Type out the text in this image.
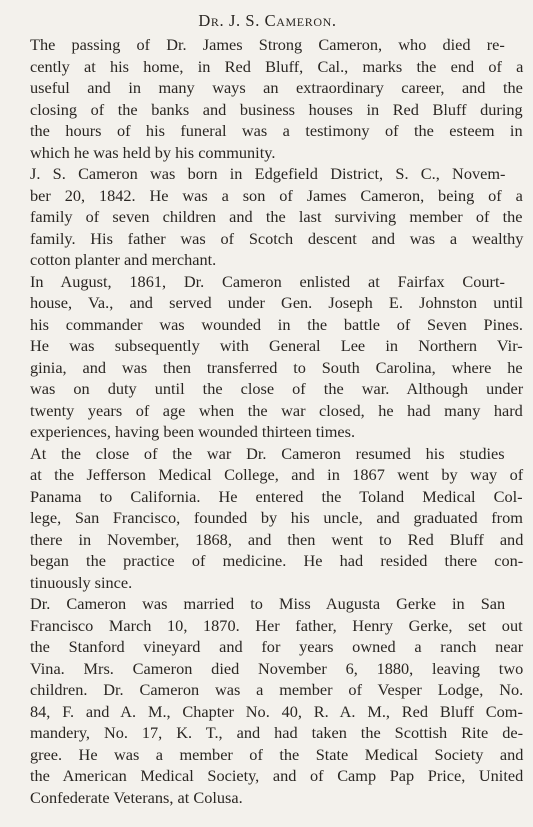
Dr. J. S. Cameron.

The passing of Dr. James Strong Cameron, who died re-
cently at his home, in Red Bluff, Cal., marks the end of a
useful and in many ways an extraordinary career, and the
closing of the banks and business houses in Red Bluff during
the hours of his funeral was a testimony of the esteem in
which he was held by his community.

J. S. Cameron was born in Edgefield District, S. C., Novem-
ber 20, 1842. He was a son of James Cameron, being of a
family of seven children and the last surviving member of the
family. His father was of Scotch descent and was a wealthy
cotton planter and merchant.

In August, 1861, Dr. Cameron enlisted at Fairfax Court-
house, Va., and served under Gen. Joseph E. Johnston until
his commander was wounded in the battle of Seven Pines.
He was subsequently with General Lee in Northern Vir-
ginia, and was then transferred to South Carolina, where he
was on duty until the close of the war. Although under
twenty years of age when the war closed, he had many hard
experiences, having been wounded thirteen times.

At the close of the war Dr. Cameron resumed his studies
at the Jefferson Medical College, and in 1867 went by way of
Panama to California. He entered the Toland Medical Col-
lege, San Francisco, founded by his uncle, and graduated from
there in November, 1868, and then went to Red Bluff and
began the practice of medicine. He had resided there con-
tinuously since.

Dr. Cameron was married to Miss Augusta Gerke in San
Francisco March 10, 1870. Her father, Henry Gerke, set out
the Stanford vineyard and for years owned a ranch near
Vina. Mrs. Cameron died November 6, 1880, leaving two
children. Dr. Cameron was a member of Vesper Lodge, No.
84, F. and A. M., Chapter No. 40, R. A. M., Red Bluff Com-
mandery, No. 17, K. T., and had taken the Scottish Rite de-
gree. He was a member of the State Medical Society and
the American Medical Society, and of Camp Pap Price, United
Confederate Veterans, at Colusa.
